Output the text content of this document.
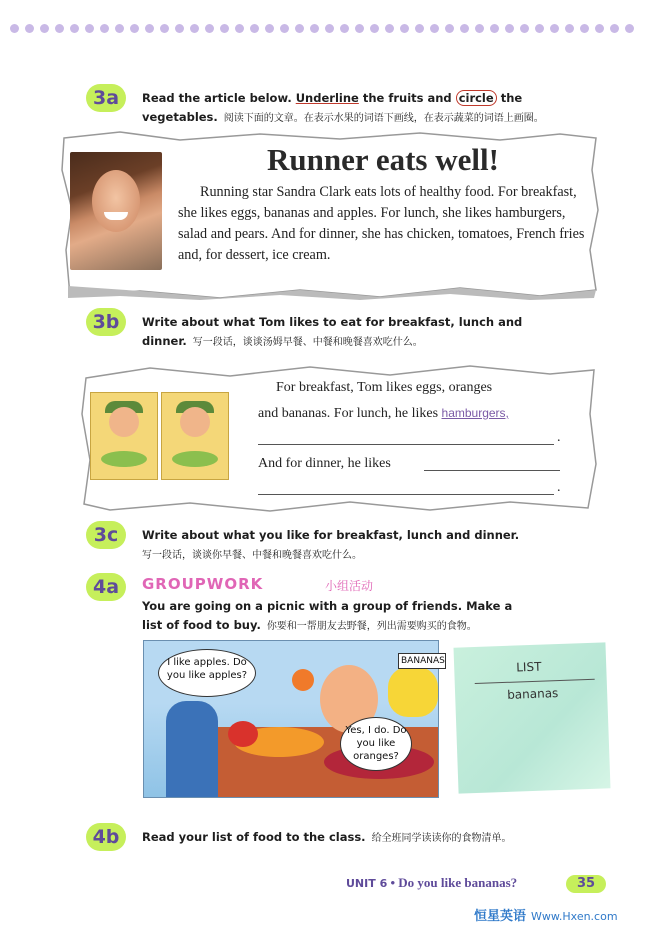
3a	Read the article below. Underline the fruits and circle the
vegetables. 阅读下面的文章。在表示水果的词语下画线，在表示蔬菜的词语上画圈。
Runner eats well!
Running star Sandra Clark eats lots of healthy food. For breakfast, she likes eggs, bananas and apples. For lunch, she likes hamburgers, salad and pears. And for dinner, she has chicken, tomatoes, French fries and, for dessert, ice cream.
3b	Write about what Tom likes to eat for breakfast, lunch and
dinner. 写一段话，谈谈汤姆早餐、中餐和晚餐喜欢吃什么。
For breakfast, Tom likes eggs, oranges
and bananas. For lunch, he likes hamburgers,
.
And for dinner, he likes
.
3c	Write about what you like for breakfast, lunch and dinner.
写一段话，谈谈你早餐、中餐和晚餐喜欢吃什么。
4a	GROUPWORK	小组活动
You are going on a picnic with a group of friends. Make a
list of food to buy. 你要和一帮朋友去野餐，列出需要购买的食物。
I like apples. Do you like apples?
Yes, I do. Do you like oranges?
BANANAS	LIST
bananas
4b	Read your list of food to the class. 给全班同学读读你的食物清单。
UNIT 6 • Do you like bananas?	35
恒星英语 Www.Hxen.com
